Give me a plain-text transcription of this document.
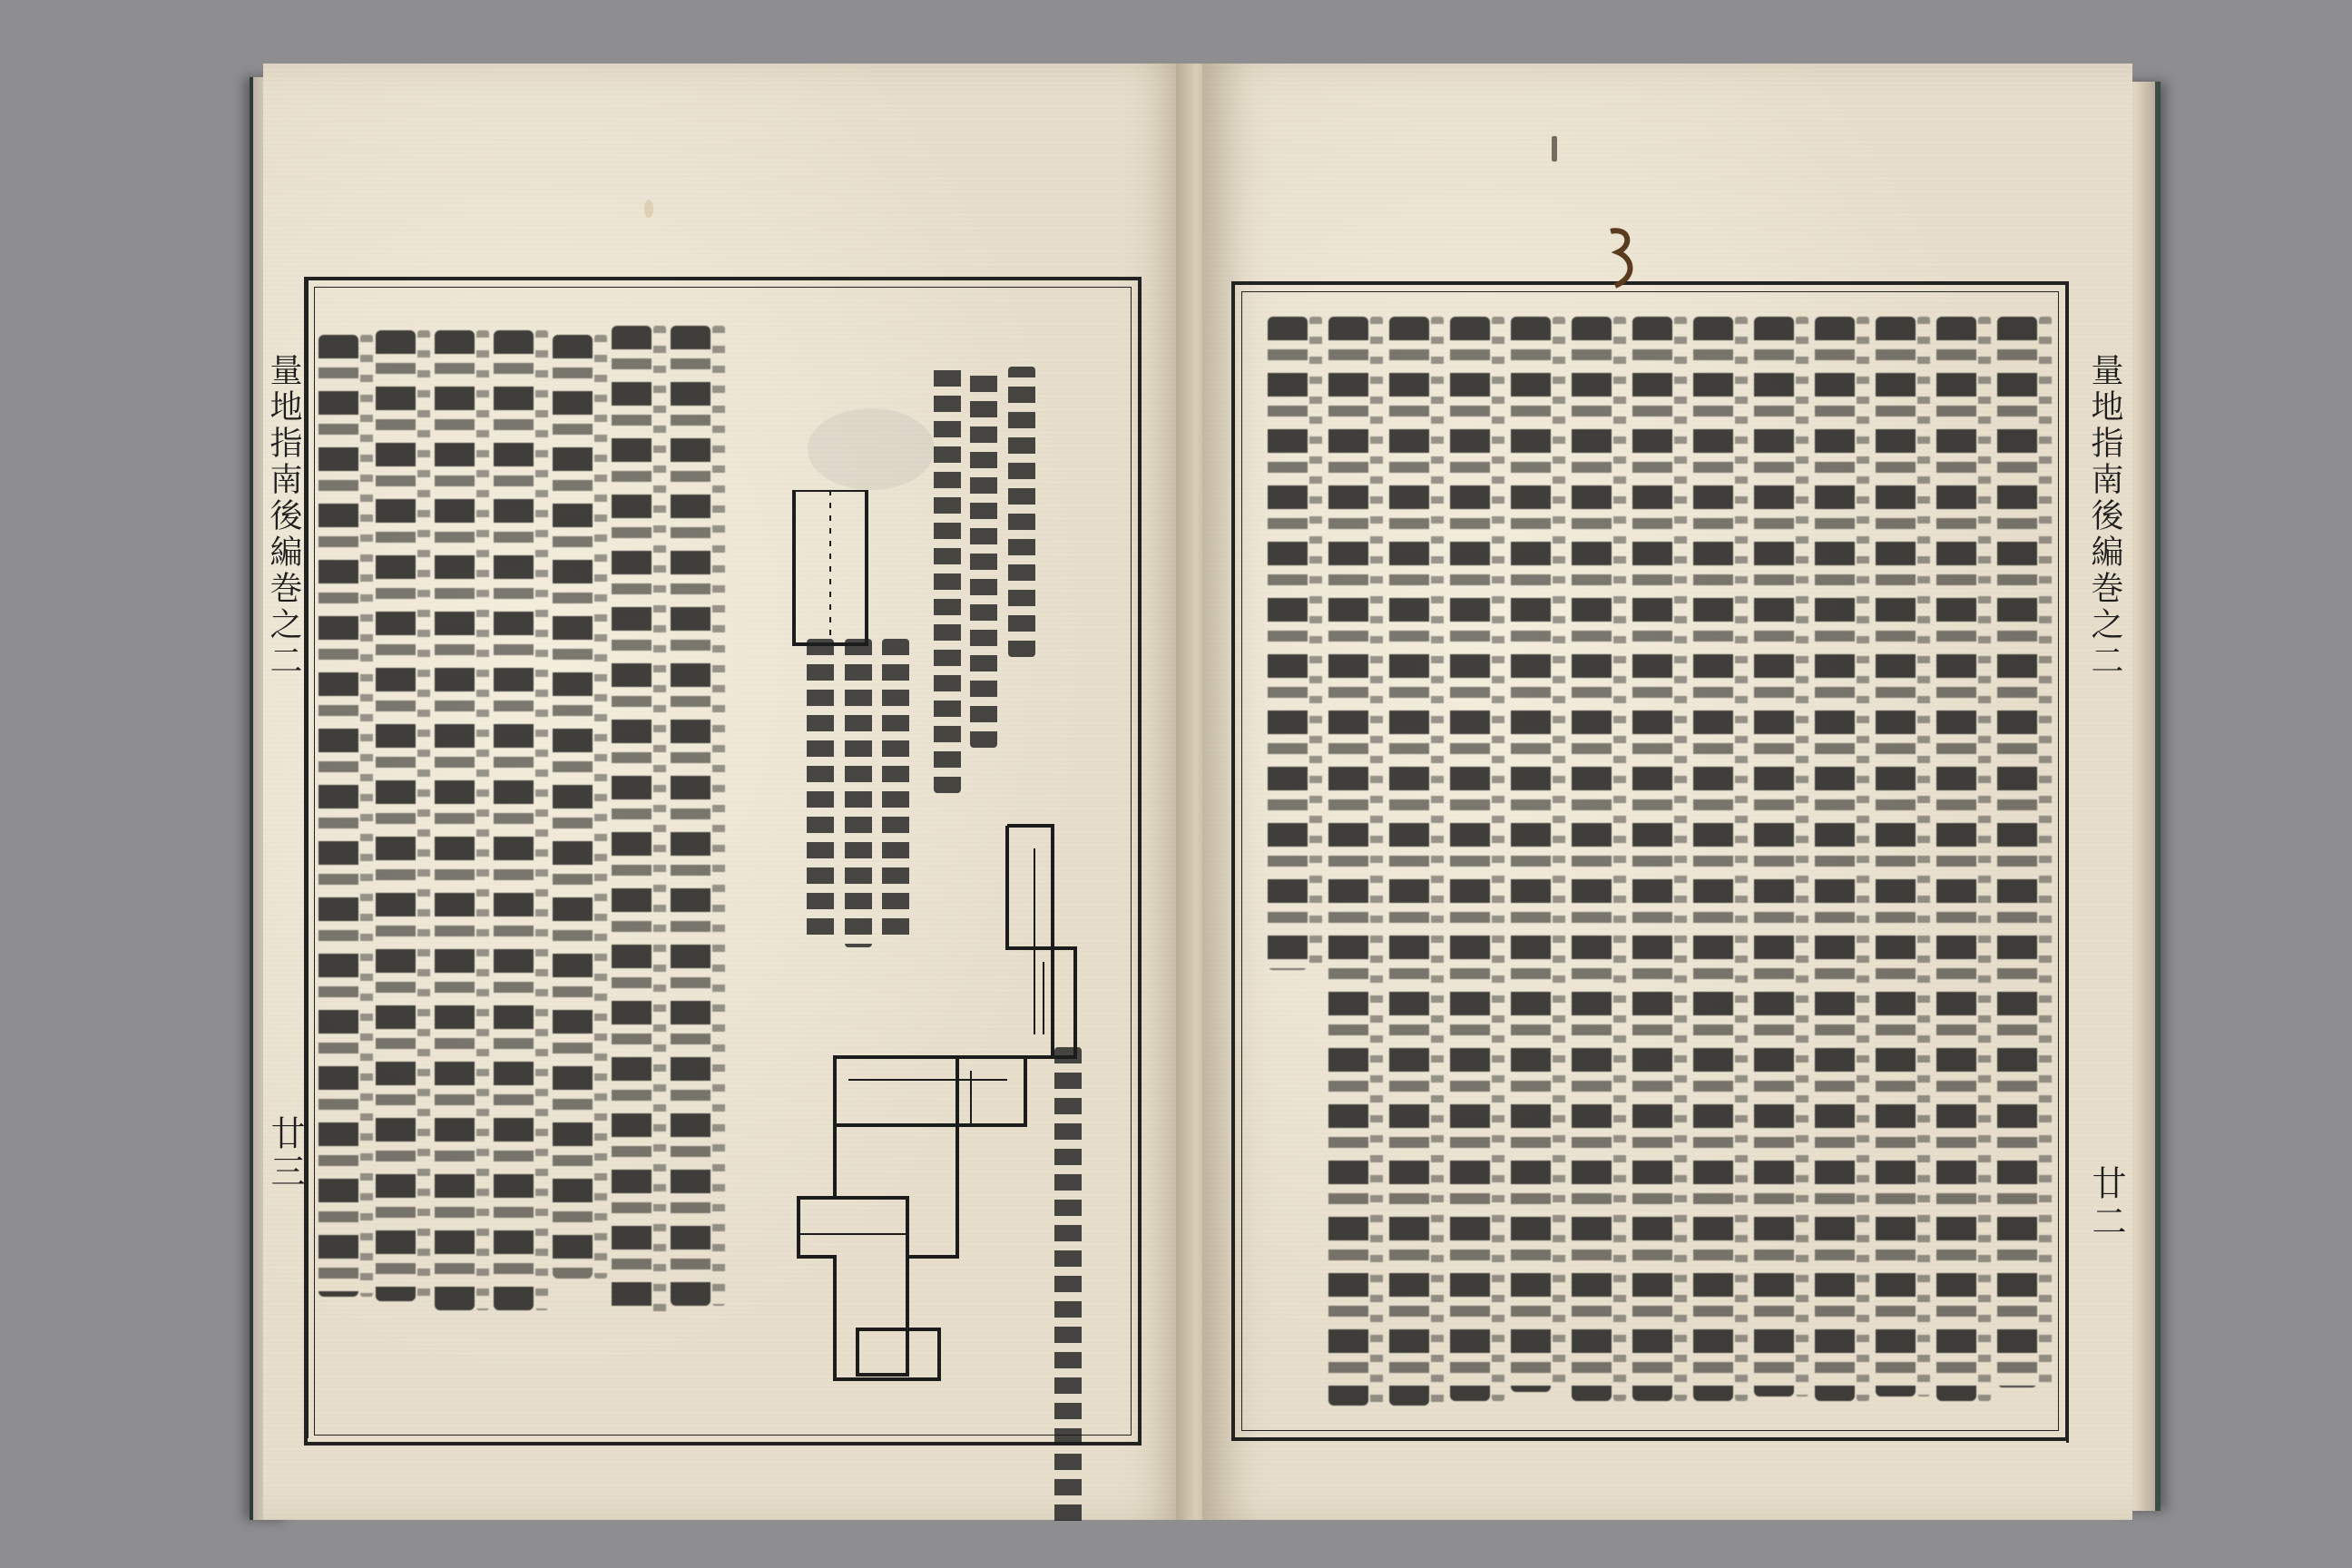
量地指南後編巻之二
廿三
量地指南後編巻之二
廿二
